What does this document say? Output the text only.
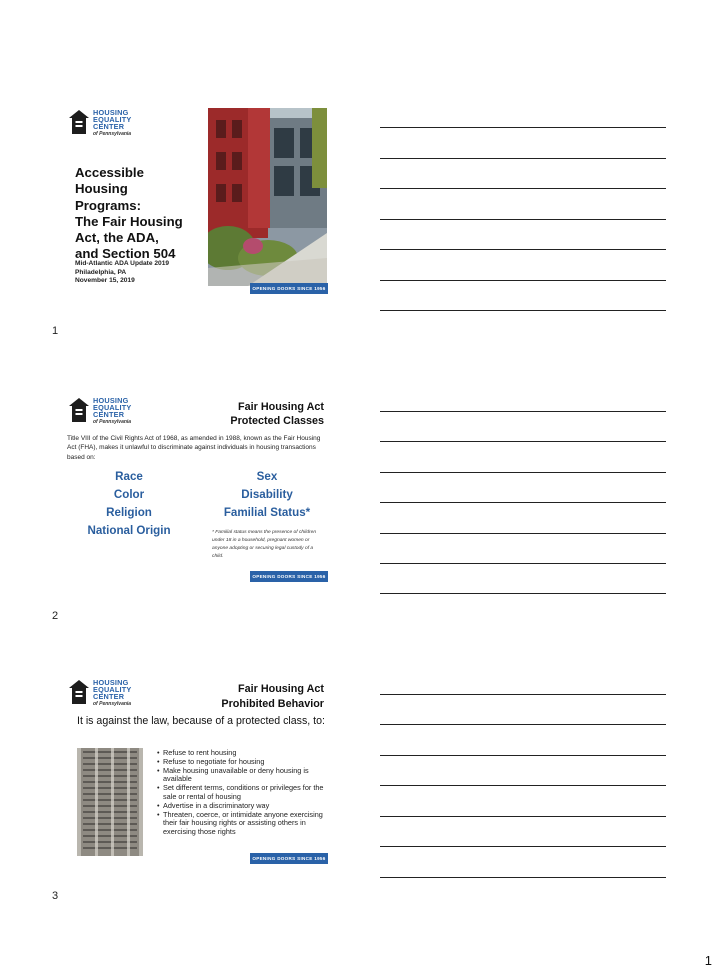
HOUSING
EQUALITY
CENTER
of Pennsylvania
Accessible
Housing
Programs:
The Fair Housing
Act, the ADA,
and Section 504
Mid-Atlantic ADA Update 2019
Philadelphia, PA
November 15, 2019
OPENING DOORS SINCE 1956
1
HOUSING
EQUALITY
CENTER
of Pennsylvania
Fair Housing Act
Protected Classes
Title VIII of the Civil Rights Act of 1968, as amended in 1988, known as the Fair Housing Act (FHA), makes it unlawful to discriminate against individuals in housing transactions based on:
Race	Sex
Color	Disability
Religion	Familial Status*
National Origin	* Familial status means the presence of children under 18 in a household, pregnant women or anyone adopting or securing legal custody of a child.
OPENING DOORS SINCE 1956
2
HOUSING
EQUALITY
CENTER
of Pennsylvania
Fair Housing Act
Prohibited Behavior
It is against the law, because of a protected class, to:
• Refuse to rent housing
• Refuse to negotiate for housing
• Make housing unavailable or deny housing is available
• Set different terms, conditions or privileges for the sale or rental of housing
• Advertise in a discriminatory way
• Threaten, coerce, or intimidate anyone exercising their fair housing rights or assisting others in exercising those rights
OPENING DOORS SINCE 1956
3
1
